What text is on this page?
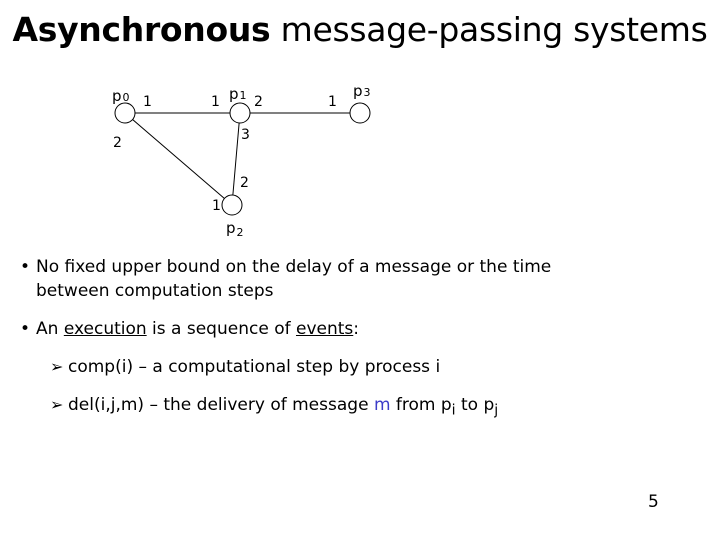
Asynchronous message-passing systems
p0	p1
$p_2$
p3
1	1 2	1
2	3
2
1
• No fixed upper bound on the delay of a message or the time
between computation steps
• An execution is a sequence of events:
➢ comp(i) – a computational step by process i
➢ del(i,j,m) – the delivery of message m from $p_i$ to $p_j$
5
